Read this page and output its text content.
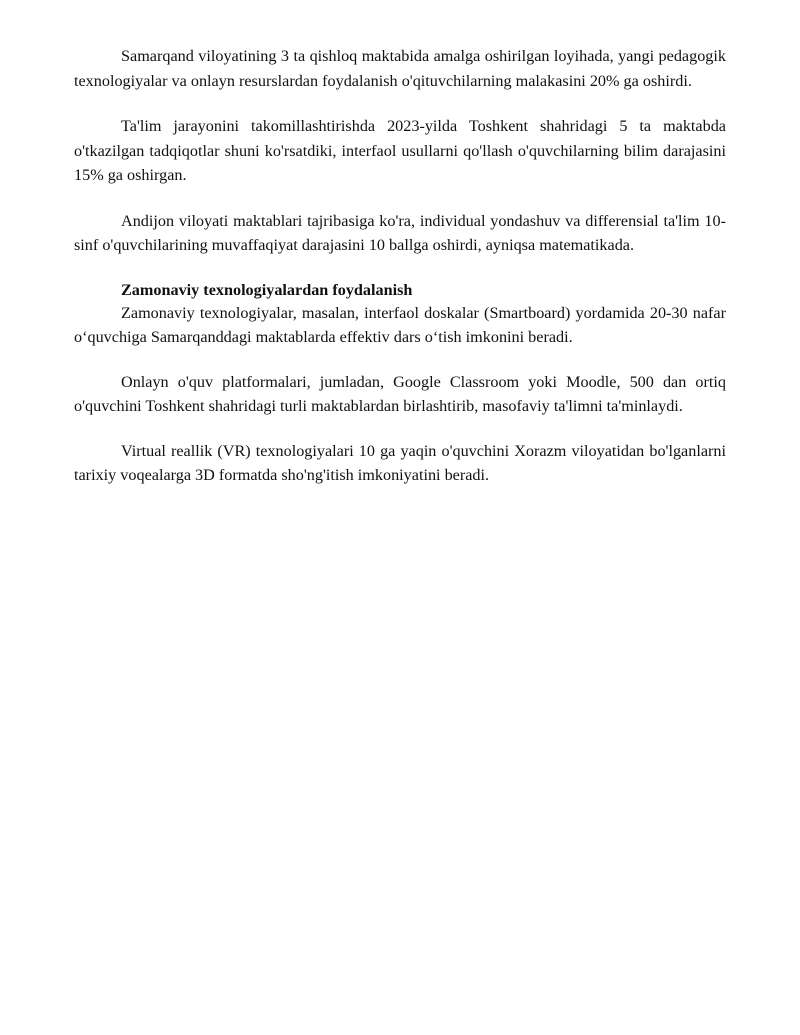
Samarqand viloyatining 3 ta qishloq maktabida amalga oshirilgan loyihada, yangi pedagogik texnologiyalar va onlayn resurslardan foydalanish o'qituvchilarning malakasini 20% ga oshirdi.

Ta'lim jarayonini takomillashtirishda 2023-yilda Toshkent shahridagi 5 ta maktabda o'tkazilgan tadqiqotlar shuni ko'rsatdiki, interfaol usullarni qo'llash o'quvchilarning bilim darajasini 15% ga oshirgan.

Andijon viloyati maktablari tajribasiga ko'ra, individual yondashuv va differensial ta'lim 10-sinf o'quvchilarining muvaffaqiyat darajasini 10 ballga oshirdi, ayniqsa matematikada.

Zamonaviy texnologiyalardan foydalanish

Zamonaviy texnologiyalar, masalan, interfaol doskalar (Smartboard) yordamida 20-30 nafar oʻquvchiga Samarqanddagi maktablarda effektiv dars oʻtish imkonini beradi.

Onlayn o'quv platformalari, jumladan, Google Classroom yoki Moodle, 500 dan ortiq o'quvchini Toshkent shahridagi turli maktablardan birlashtirib, masofaviy ta'limni ta'minlaydi.

Virtual reallik (VR) texnologiyalari 10 ga yaqin o'quvchini Xorazm viloyatidan bo'lganlarni tarixiy voqealarga 3D formatda sho'ng'itish imkoniyatini beradi.
